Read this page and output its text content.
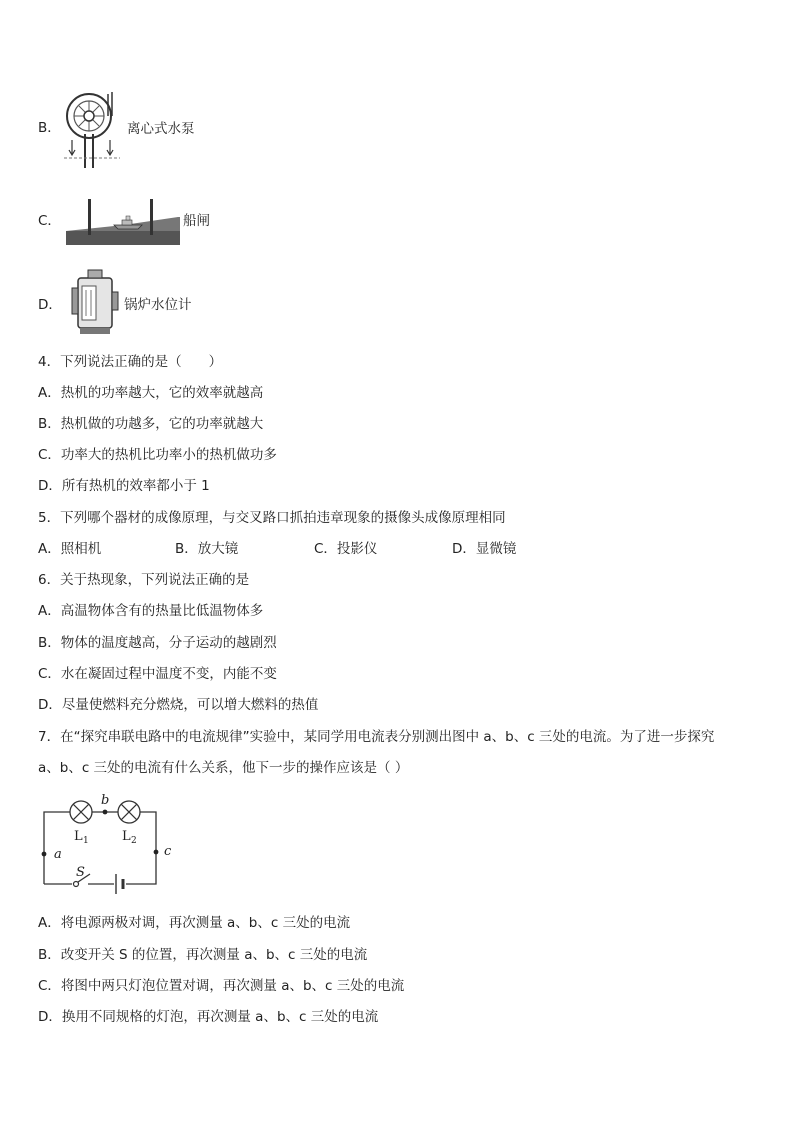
B．	离心式水泵
C．	船闸
D．	锅炉水位计
4．下列说法正确的是（　　）
A．热机的功率越大，它的效率就越高
B．热机做的功越多，它的功率就越大
C．功率大的热机比功率小的热机做功多
D．所有热机的效率都小于 1
5．下列哪个器材的成像原理，与交叉路口抓拍违章现象的摄像头成像原理相同
A．照相机	B．放大镜	C．投影仪	D．显微镜
6．关于热现象，下列说法正确的是
A．高温物体含有的热量比低温物体多
B．物体的温度越高，分子运动的越剧烈
C．水在凝固过程中温度不变，内能不变
D．尽量使燃料充分燃烧，可以增大燃料的热值
7．在“探究串联电路中的电流规律”实验中，某同学用电流表分别测出图中 a、b、c 三处的电流。为了进一步探究
a、b、c 三处的电流有什么关系，他下一步的操作应该是（ ）
a
b
c
L 1	L 2
S
A．将电源两极对调，再次测量 a、b、c 三处的电流
B．改变开关 S 的位置，再次测量 a、b、c 三处的电流
C．将图中两只灯泡位置对调，再次测量 a、b、c 三处的电流
D．换用不同规格的灯泡，再次测量 a、b、c 三处的电流
